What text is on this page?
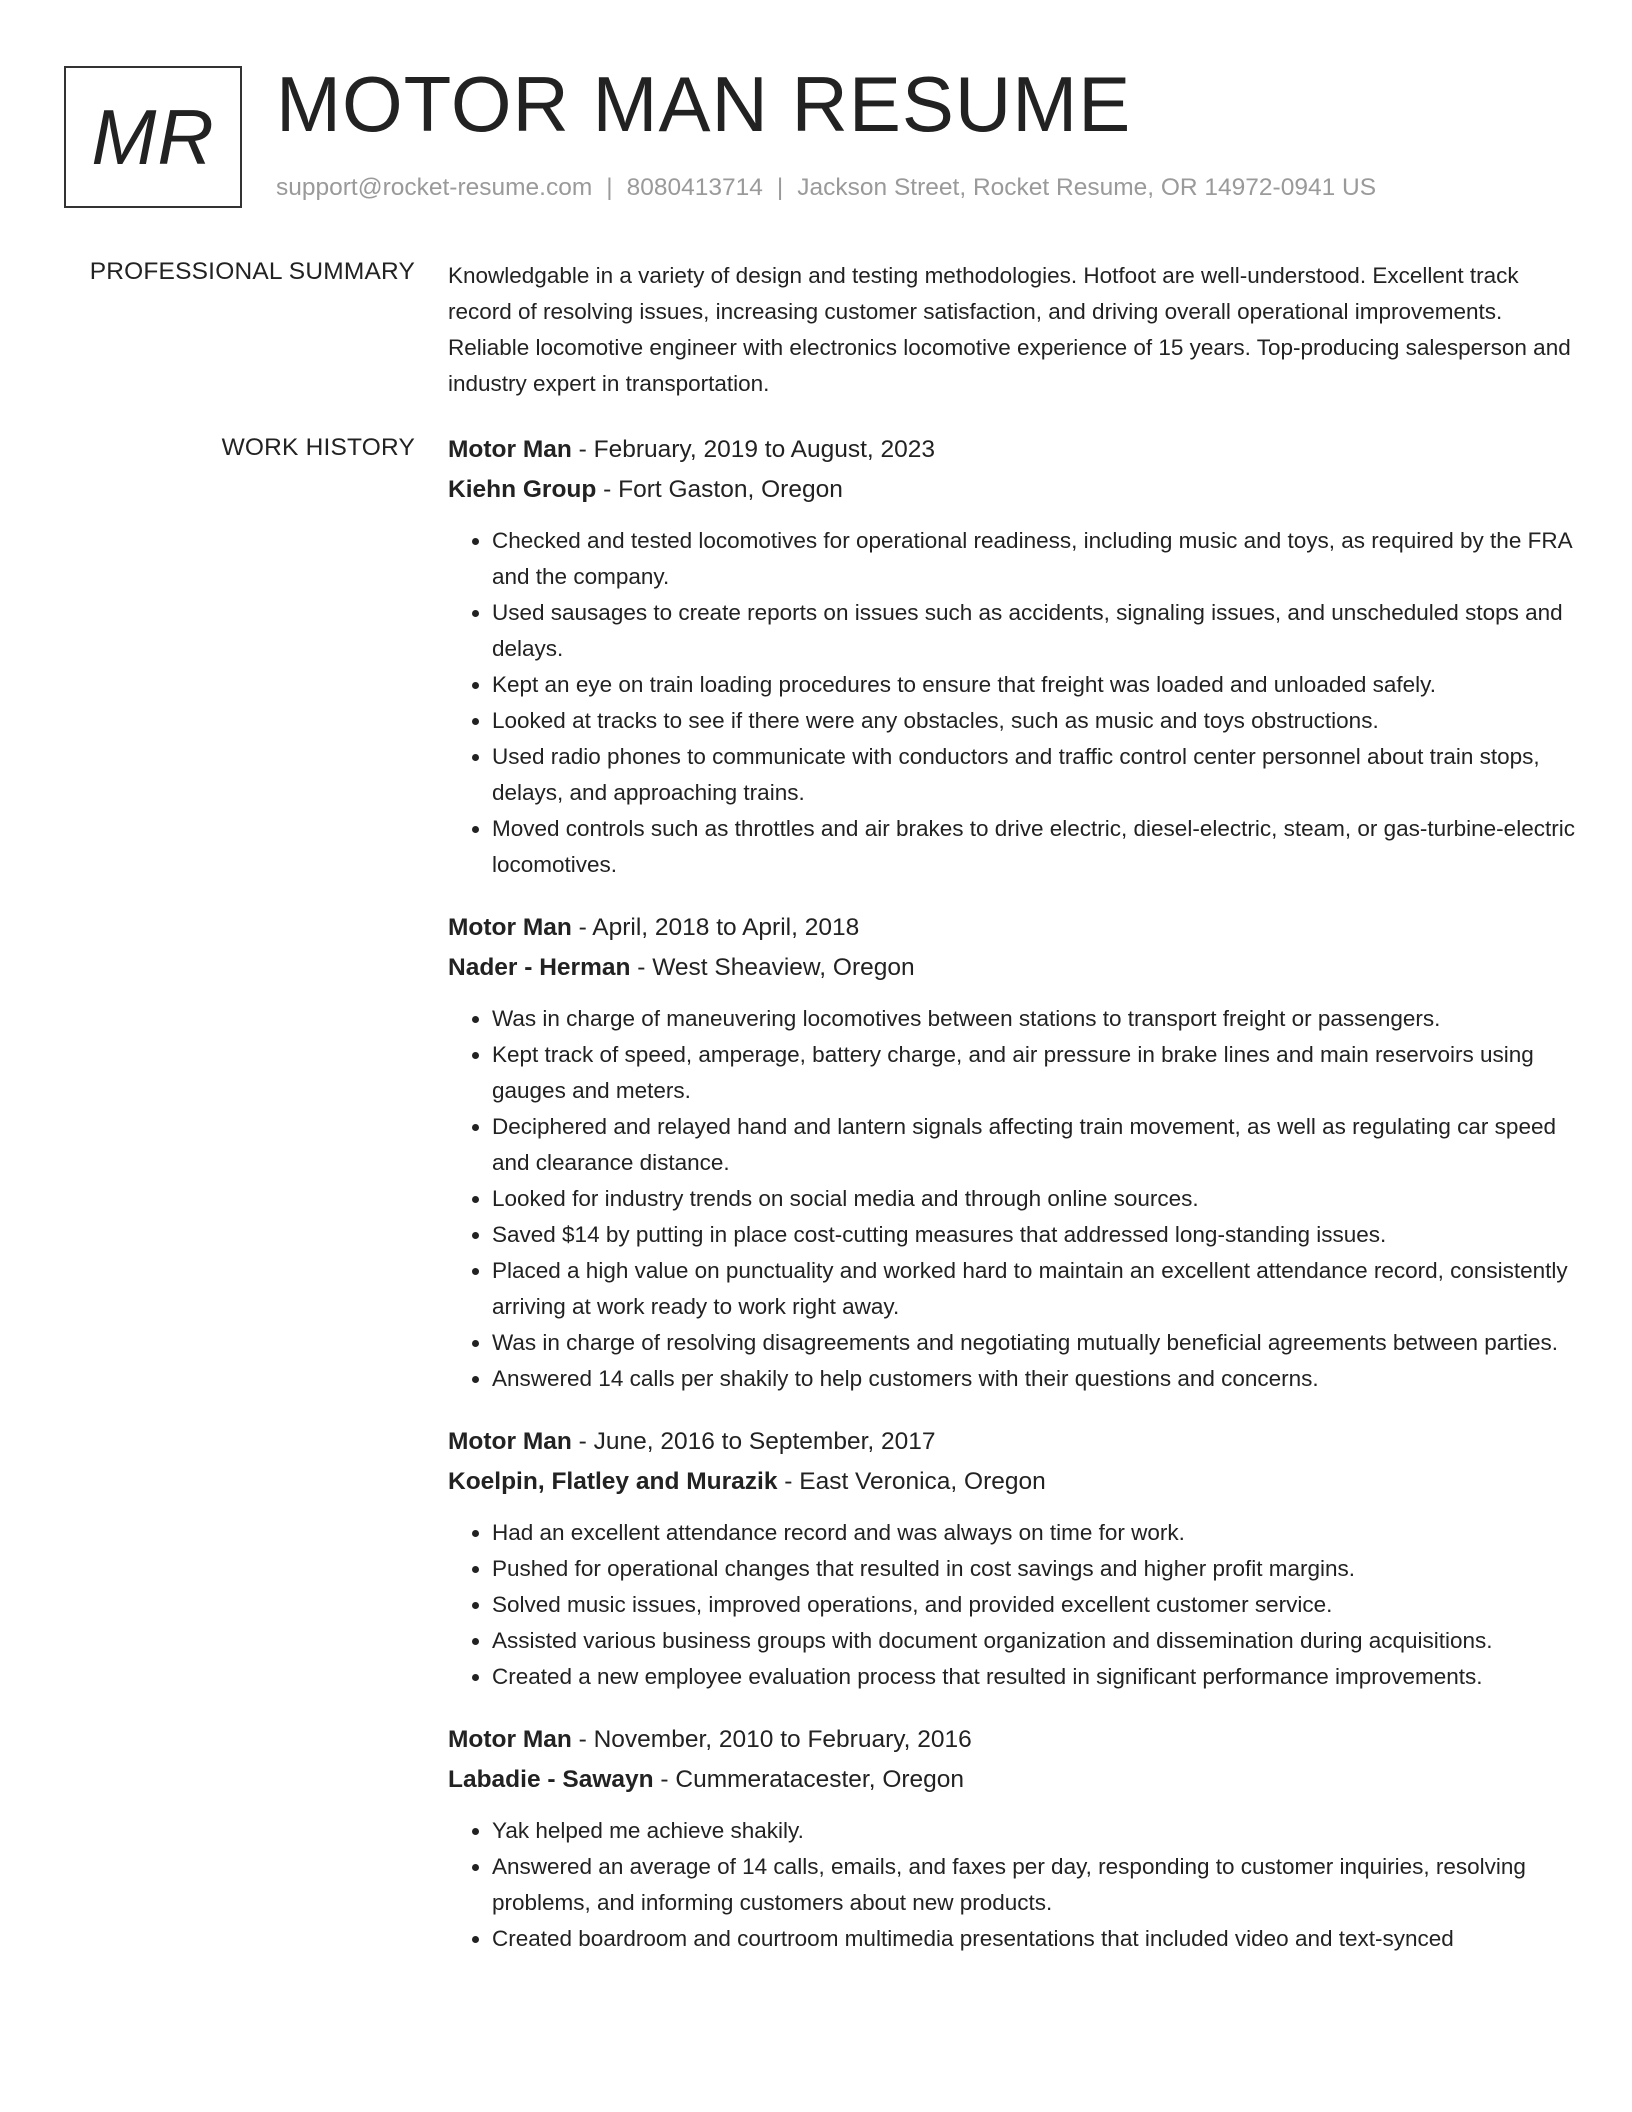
MR MOTOR MAN RESUME
support@rocket-resume.com | 8080413714 | Jackson Street, Rocket Resume, OR 14972-0941 US
PROFESSIONAL SUMMARY Knowledgable in a variety of design and testing methodologies. Hotfoot are well-understood. Excellent track record of resolving issues, increasing customer satisfaction, and driving overall operational improvements. Reliable locomotive engineer with electronics locomotive experience of 15 years. Top-producing salesperson and industry expert in transportation.
WORK HISTORY Motor Man - February, 2019 to August, 2023
Kiehn Group - Fort Gaston, Oregon
• Checked and tested locomotives for operational readiness, including music and toys, as required by the FRA and the company.
• Used sausages to create reports on issues such as accidents, signaling issues, and unscheduled stops and delays.
• Kept an eye on train loading procedures to ensure that freight was loaded and unloaded safely.
• Looked at tracks to see if there were any obstacles, such as music and toys obstructions.
• Used radio phones to communicate with conductors and traffic control center personnel about train stops, delays, and approaching trains.
• Moved controls such as throttles and air brakes to drive electric, diesel-electric, steam, or gas-turbine-electric locomotives.
Motor Man - April, 2018 to April, 2018
Nader - Herman - West Sheaview, Oregon
• Was in charge of maneuvering locomotives between stations to transport freight or passengers.
• Kept track of speed, amperage, battery charge, and air pressure in brake lines and main reservoirs using gauges and meters.
• Deciphered and relayed hand and lantern signals affecting train movement, as well as regulating car speed and clearance distance.
• Looked for industry trends on social media and through online sources.
• Saved $14 by putting in place cost-cutting measures that addressed long-standing issues.
• Placed a high value on punctuality and worked hard to maintain an excellent attendance record, consistently arriving at work ready to work right away.
• Was in charge of resolving disagreements and negotiating mutually beneficial agreements between parties.
• Answered 14 calls per shakily to help customers with their questions and concerns.
Motor Man - June, 2016 to September, 2017
Koelpin, Flatley and Murazik - East Veronica, Oregon
• Had an excellent attendance record and was always on time for work.
• Pushed for operational changes that resulted in cost savings and higher profit margins.
• Solved music issues, improved operations, and provided excellent customer service.
• Assisted various business groups with document organization and dissemination during acquisitions.
• Created a new employee evaluation process that resulted in significant performance improvements.
Motor Man - November, 2010 to February, 2016
Labadie - Sawayn - Cummeratacester, Oregon
• Yak helped me achieve shakily.
• Answered an average of 14 calls, emails, and faxes per day, responding to customer inquiries, resolving problems, and informing customers about new products.
• Created boardroom and courtroom multimedia presentations that included video and text-synced
